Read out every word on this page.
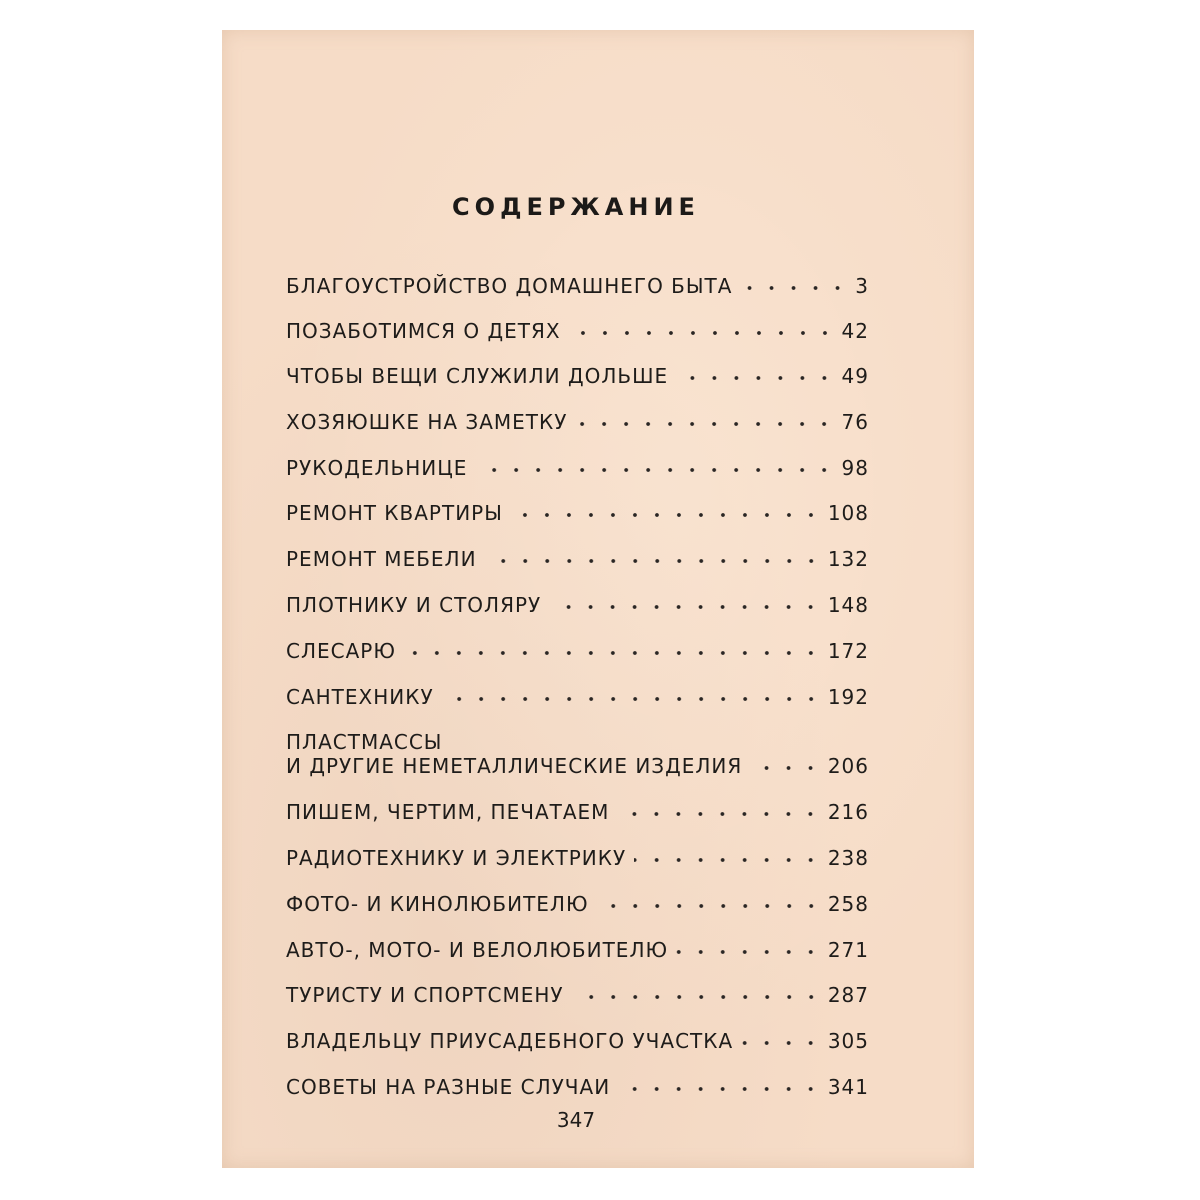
СОДЕРЖАНИЕ
БЛАГОУСТРОЙСТВО ДОМАШНЕГО БЫТА	3
ПОЗАБОТИМСЯ О ДЕТЯХ	42
ЧТОБЫ ВЕЩИ СЛУЖИЛИ ДОЛЬШЕ	49
ХОЗЯЮШКЕ НА ЗАМЕТКУ	76
РУКОДЕЛЬНИЦЕ	98
РЕМОНТ КВАРТИРЫ	108
РЕМОНТ МЕБЕЛИ	132
ПЛОТНИКУ И СТОЛЯРУ	148
СЛЕСАРЮ	172
САНТЕХНИКУ	192
ПЛАСТМАССЫ
И ДРУГИЕ НЕМЕТАЛЛИЧЕСКИЕ ИЗДЕЛИЯ	206
ПИШЕМ, ЧЕРТИМ, ПЕЧАТАЕМ	216
РАДИОТЕХНИКУ И ЭЛЕКТРИКУ	238
ФОТО- И КИНОЛЮБИТЕЛЮ	258
АВТО-, МОТО- И ВЕЛОЛЮБИТЕЛЮ	271
ТУРИСТУ И СПОРТСМЕНУ	287
ВЛАДЕЛЬЦУ ПРИУСАДЕБНОГО УЧАСТКА	305
СОВЕТЫ НА РАЗНЫЕ СЛУЧАИ	341
347
